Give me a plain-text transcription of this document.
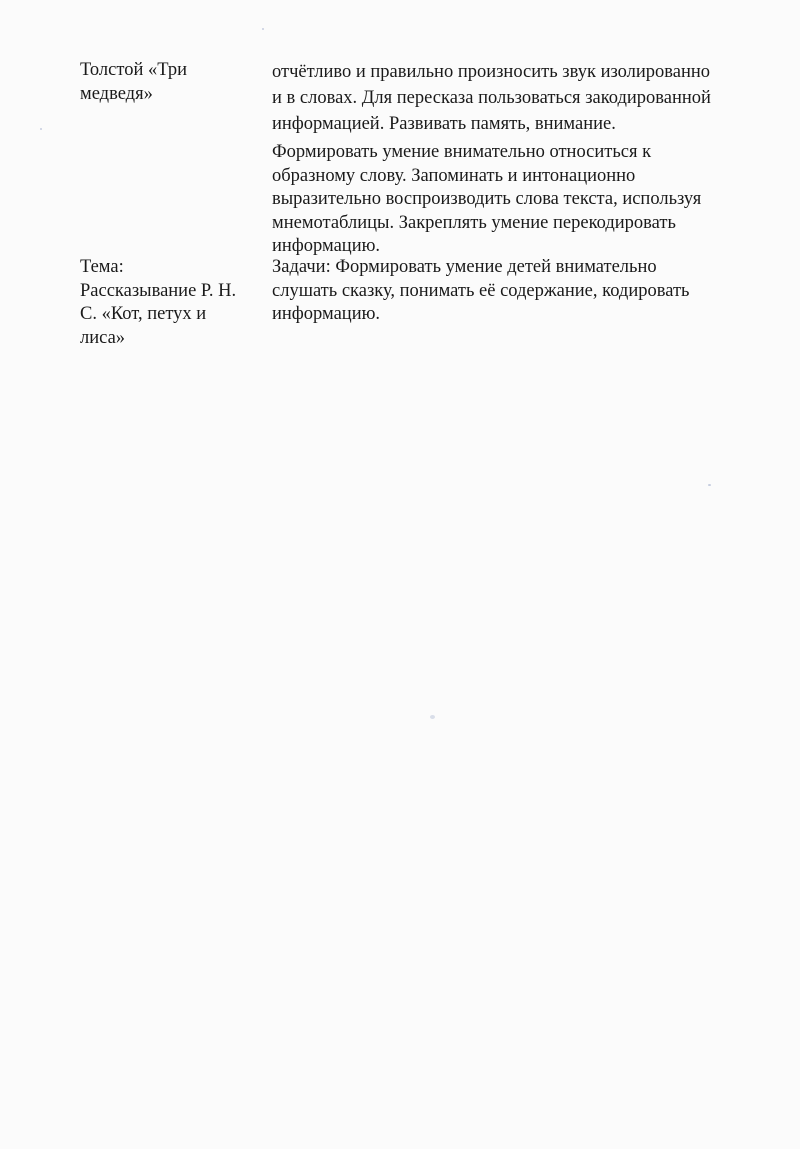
Толстой «Три
медведя»
отчётливо и правильно произносить звук изолированно
и в словах. Для пересказа пользоваться закодированной
информацией. Развивать память, внимание.
Формировать умение внимательно относиться к
образному слову. Запоминать и интонационно
выразительно воспроизводить слова текста, используя
мнемотаблицы. Закреплять умение перекодировать
информацию.
Тема:
Рассказывание Р. Н.
С. «Кот, петух и
лиса»
Задачи: Формировать умение детей внимательно
слушать сказку, понимать её содержание, кодировать
информацию.
